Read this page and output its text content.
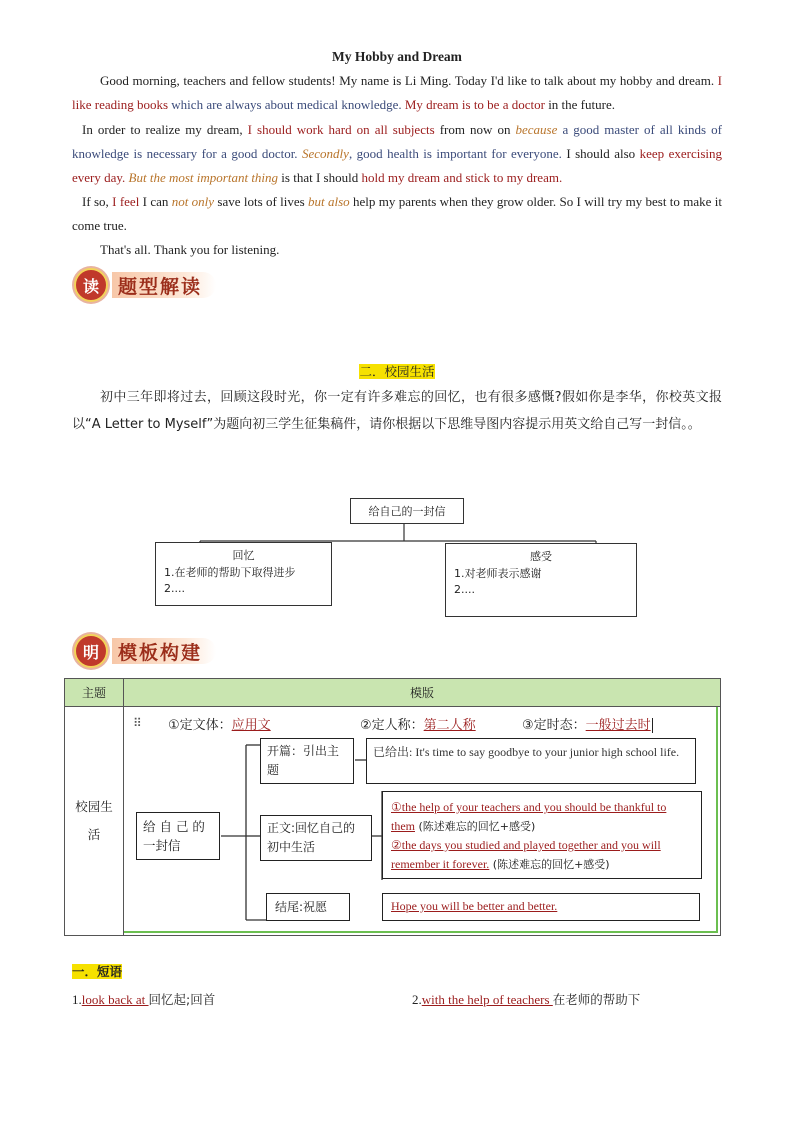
My Hobby and Dream
Good morning, teachers and fellow students! My name is Li Ming. Today I'd like to talk about my hobby and dream. I like reading books which are always about medical knowledge. My dream is to be a doctor in the future.
In order to realize my dream, I should work hard on all subjects from now on because a good master of all kinds of knowledge is necessary for a good doctor. Secondly, good health is important for everyone. I should also keep exercising every day. But the most important thing is that I should hold my dream and stick to my dream.
If so, I feel I can not only save lots of lives but also help my parents when they grow older. So I will try my best to make it come true.
That's all. Thank you for listening.
读	题型解读
二．校园生活
初中三年即将过去，回顾这段时光，你一定有许多难忘的回忆，也有很多感慨?假如你是李华，你校英文报以“A Letter to Myself”为题向初三学生征集稿件，请你根据以下思维导图内容提示用英文给自己写一封信。。
给自己的一封信
回忆
1.在老师的帮助下取得进步
2....
感受
1.对老师表示感谢
2....
明	模板构建
主题	模版
校园生活	
⠿ ①定文体：应用文	②定人称：第二人称	③定时态：一般过去时
给 自 己 的 一封信
开篇：引出主题
已给出: It's time to say goodbye to your junior high school life.
正文:回忆自己的初中生活
①the help of your teachers and you should be thankful to them (陈述难忘的回忆+感受)
②the days you studied and played together and you will remember it forever. (陈述难忘的回忆+感受)
结尾:祝愿	Hope you will be better and better.
一．短语
1.look back at 回忆起;回首	2.with the help of teachers 在老师的帮助下
